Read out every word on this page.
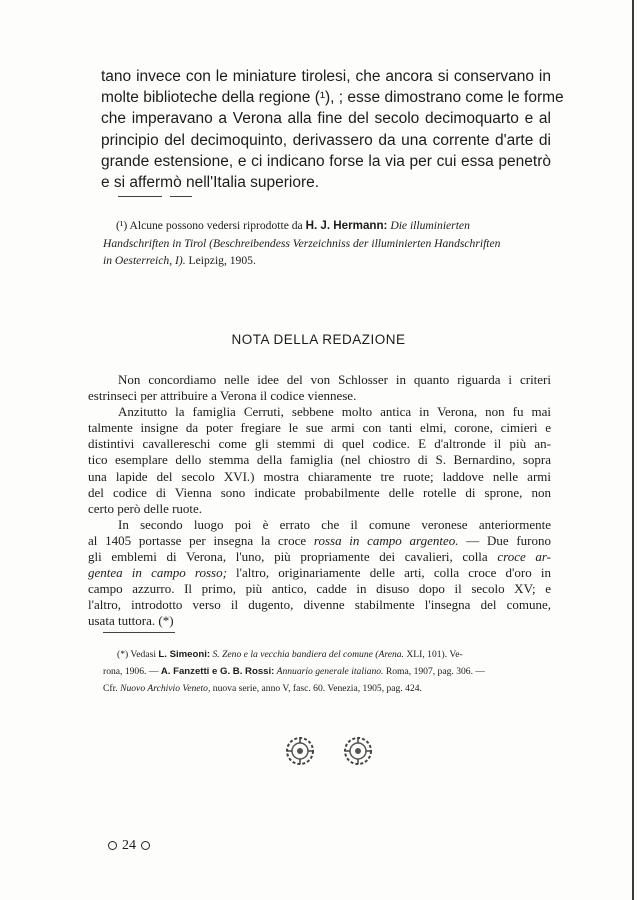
tano invece con le miniature tirolesi, che ancora si conservano in
molte biblioteche della regione (¹), ; esse dimostrano come le forme
che imperavano a Verona alla fine del secolo decimoquarto e al
principio del decimoquinto, derivassero da una corrente d'arte di
grande estensione, e ci indicano forse la via per cui essa penetrò
e si affermò nell'Italia superiore.
(¹) Alcune possono vedersi riprodotte da H. J. Hermann: Die illuminierten
Handschriften in Tirol (Beschreibendess Verzeichniss der illuminierten Handschriften
in Oesterreich, I). Leipzig, 1905.
NOTA DELLA REDAZIONE
Non concordiamo nelle idee del von Schlosser in quanto riguarda i criteri
estrinseci per attribuire a Verona il codice viennese.
Anzitutto la famiglia Cerruti, sebbene molto antica in Verona, non fu mai
talmente insigne da poter fregiare le sue armi con tanti elmi, corone, cimieri e
distintivi cavallereschi come gli stemmi di quel codice. E d'altronde il più an-
tico esemplare dello stemma della famiglia (nel chiostro di S. Bernardino, sopra
una lapide del secolo XVI.) mostra chiaramente tre ruote; laddove nelle armi
del codice di Vienna sono indicate probabilmente delle rotelle di sprone, non
certo però delle ruote.
In secondo luogo poi è errato che il comune veronese anteriormente
al 1405 portasse per insegna la croce rossa in campo argenteo. — Due furono
gli emblemi di Verona, l'uno, più propriamente dei cavalieri, colla croce ar-
gentea in campo rosso; l'altro, originariamente delle arti, colla croce d'oro in
campo azzurro. Il primo, più antico, cadde in disuso dopo il secolo XV; e
l'altro, introdotto verso il dugento, divenne stabilmente l'insegna del comune,
usata tuttora. (*)
(*) Vedasi L. Simeoni: S. Zeno e la vecchia bandiera del comune (Arena. XLI, 101). Ve-
rona, 1906. — A. Fanzetti e G. B. Rossi: Annuario generale italiano. Roma, 1907, pag. 306. —
Cfr. Nuovo Archivio Veneto, nuova serie, anno V, fasc. 60. Venezia, 1905, pag. 424.
24
